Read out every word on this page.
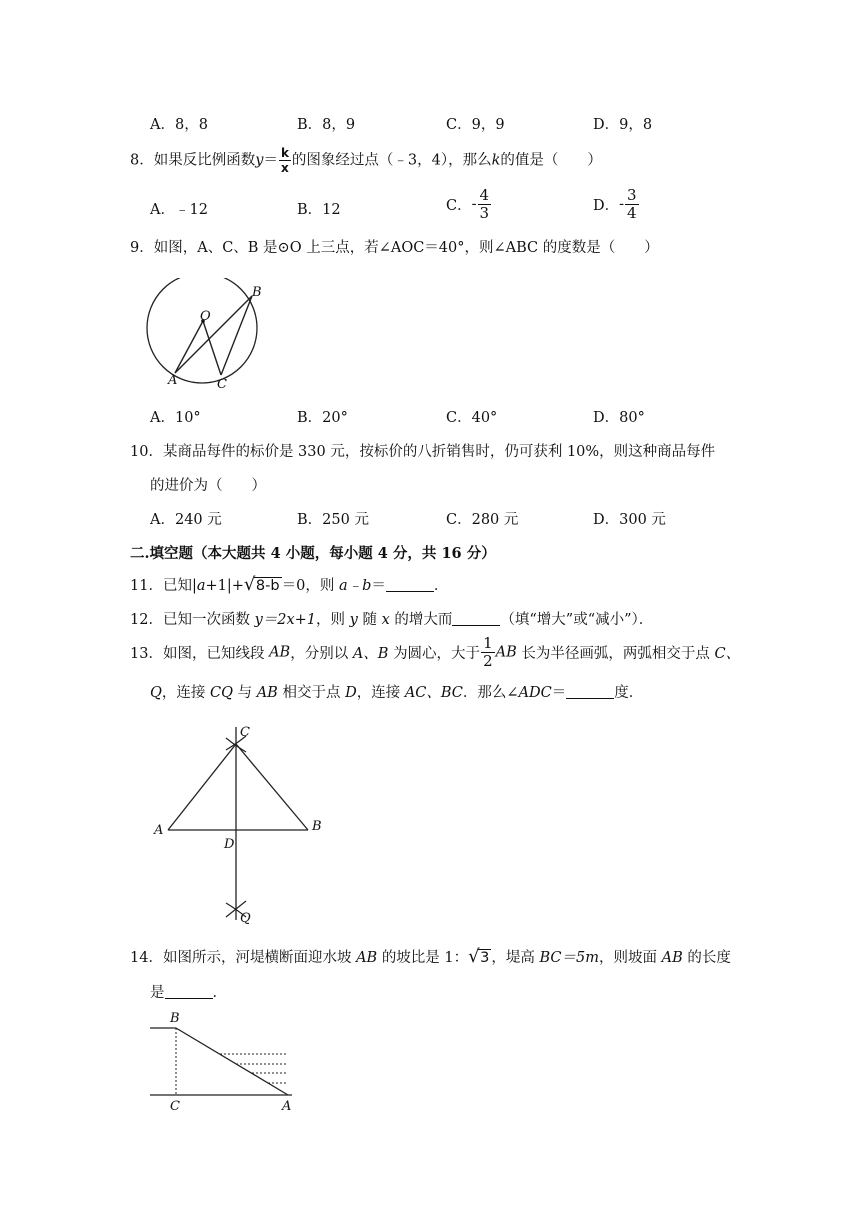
A．8，8	B．8，9	C．9，9	D．9，8
8．如果反比例函数$y= \frac{k}{x}$ 的图象经过点（﹣3，4），那么k的值是（　　）
A．﹣12	B．12	C．- $\frac{4}{3}$	D．- $\frac{3}{4}$
9．如图，A、C、B 是⊙O 上三点，若∠AOC＝40°，则∠ABC 的度数是（　　）
O
B
A	C
A．10°	B．20°	C．40°	D．80°
10．某商品每件的标价是 330 元，按标价的八折销售时，仍可获利 10%，则这种商品每件
的进价为（　　）
A．240 元	B．250 元	C．280 元	D．300 元
二.填空题（本大题共 4 小题，每小题 4 分，共 16 分）
11．已知|a+1|+ √ 8-b ＝0，则 a﹣b＝	．
12．已知一次函数 y＝2x+1，则 y 随 x 的增大而	（填“增大”或“减小”）．
13．如图，已知线段 AB，分别以 A、B 为圆心，大于 $\frac{1}{2}$ AB 长为半径画弧，两弧相交于点 C、
Q，连接 CQ 与 AB 相交于点 D，连接 AC、BC．那么∠ADC＝	度．
C
A	B
D
Q
14．如图所示，河堤横断面迎水坡 AB 的坡比是 1： √ 3 ，堤高 BC＝5m，则坡面 AB 的长度
是	．
B
C	A
